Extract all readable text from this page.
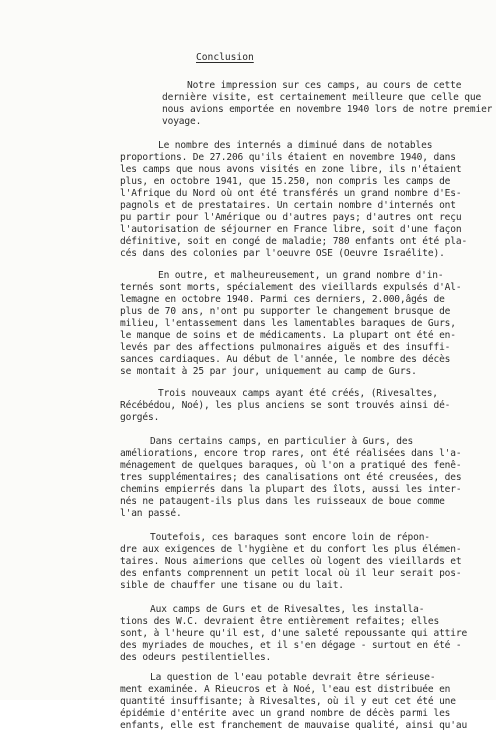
Conclusion
Notre impression sur ces camps, au cours de cette
dernière visite, est certainement meilleure que celle que
nous avions emportée en novembre 1940 lors de notre premier
voyage.
Le nombre des internés a diminué dans de notables
proportions. De 27.206 qu'ils étaient en novembre 1940, dans
les camps que nous avons visités en zone libre, ils n'étaient
plus, en octobre 1941, que 15.250, non compris les camps de
l'Afrique du Nord où ont été transférés un grand nombre d'Es-
pagnols et de prestataires. Un certain nombre d'internés ont
pu partir pour l'Amérique ou d'autres pays; d'autres ont reçu
l'autorisation de séjourner en France libre, soit d'une façon
définitive, soit en congé de maladie; 780 enfants ont été pla-
cés dans des colonies par l'oeuvre OSE (Oeuvre Israélite).
En outre, et malheureusement, un grand nombre d'in-
ternés sont morts, spécialement des vieillards expulsés d'Al-
lemagne en octobre 1940. Parmi ces derniers, 2.000,âgés de
plus de 70 ans, n'ont pu supporter le changement brusque de
milieu, l'entassement dans les lamentables baraques de Gurs,
le manque de soins et de médicaments. La plupart ont été en-
levés par des affections pulmonaires aiguës et des insuffi-
sances cardiaques. Au début de l'année, le nombre des décès
se montait à 25 par jour, uniquement au camp de Gurs.
Trois nouveaux camps ayant été créés, (Rivesaltes,
Récébédou, Noé), les plus anciens se sont trouvés ainsi dé-
gorgés.
Dans certains camps, en particulier à Gurs, des
améliorations, encore trop rares, ont été réalisées dans l'a-
ménagement de quelques baraques, où l'on a pratiqué des fenê-
tres supplémentaires; des canalisations ont été creusées, des
chemins empierrés dans la plupart des îlots, aussi les inter-
nés ne pataugent-ils plus dans les ruisseaux de boue comme
l'an passé.
Toutefois, ces baraques sont encore loin de répon-
dre aux exigences de l'hygiène et du confort les plus élémen-
taires. Nous aimerions que celles où logent des vieillards et
des enfants comprennent un petit local où il leur serait pos-
sible de chauffer une tisane ou du lait.
Aux camps de Gurs et de Rivesaltes, les installa-
tions des W.C. devraient être entièrement refaites; elles
sont, à l'heure qu'il est, d'une saleté repoussante qui attire
des myriades de mouches, et il s'en dégage - surtout en été -
des odeurs pestilentielles.
La question de l'eau potable devrait être sérieuse-
ment examinée. A Rieucros et à Noé, l'eau est distribuée en
quantité insuffisante; à Rivesaltes, où il y eut cet été une
épidémie d'entérite avec un grand nombre de décès parmi les
enfants, elle est franchement de mauvaise qualité, ainsi qu'au
